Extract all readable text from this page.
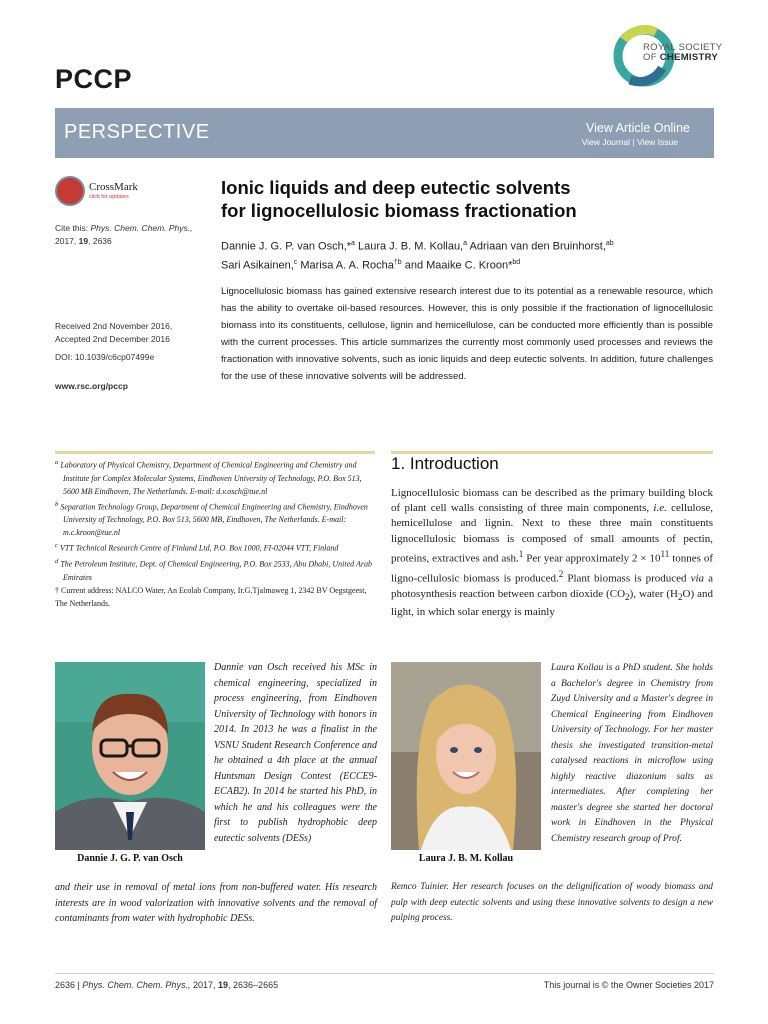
PCCP
ROYAL SOCIETY
OF CHEMISTRY
PERSPECTIVE	View Article Online
View Journal | View Issue
CrossMark
click for updates
Cite this: Phys. Chem. Chem. Phys.,
2017, 19, 2636
Received 2nd November 2016,
Accepted 2nd December 2016
DOI: 10.1039/c6cp07499e
www.rsc.org/pccp
Ionic liquids and deep eutectic solvents
for lignocellulosic biomass fractionation
Dannie J. G. P. van Osch,*$^a$ Laura J. B. M. Kollau,$^a$ Adriaan van den Bruinhorst,$^{ab}$
Sari Asikainen,$^c$ Marisa A. A. Rocha$^{\dagger b}$ and Maaike C. Kroon*$^{bd}$
Lignocellulosic biomass has gained extensive research interest due to its potential as a renewable resource, which has the ability to overtake oil-based resources. However, this is only possible if the fractionation of lignocellulosic biomass into its constituents, cellulose, lignin and hemicellulose, can be conducted more efficiently than is possible with the current processes. This article summarizes the currently most commonly used processes and reviews the fractionation with innovative solvents, such as ionic liquids and deep eutectic solvents. In addition, future challenges for the use of these innovative solvents will be addressed.
$^a$ Laboratory of Physical Chemistry, Department of Chemical Engineering and Chemistry and Institute for Complex Molecular Systems, Eindhoven University of Technology, P.O. Box 513, 5600 MB Eindhoven, The Netherlands. E-mail: d.v.osch@tue.nl
$^b$ Separation Technology Group, Department of Chemical Engineering and Chemistry, Eindhoven University of Technology, P.O. Box 513, 5600 MB, Eindhoven, The Netherlands. E-mail: m.c.kroon@tue.nl
$^c$ VTT Technical Research Centre of Finland Ltd, P.O. Box 1000, FI-02044 VTT, Finland
$^d$ The Petroleum Institute, Dept. of Chemical Engineering, P.O. Box 2533, Abu Dhabi, United Arab Emirates
† Current address: NALCO Water, An Ecolab Company, Ir.G.Tjalmaweg 1, 2342 BV Oegstgeest, The Netherlands.
1. Introduction
Lignocellulosic biomass can be described as the primary building block of plant cell walls consisting of three main components, i.e. cellulose, hemicellulose and lignin. Next to these three main constituents lignocellulosic biomass is composed of small amounts of pectin, proteins, extractives and ash.$^1$ Per year approximately $2 \times 10^{11}$ tonnes of ligno-cellulosic biomass is produced.$^2$ Plant biomass is produced via a photosynthesis reaction between carbon dioxide $(CO_2)$, water $(H_2O)$ and light, in which solar energy is mainly
Dannie J. G. P. van Osch
Dannie van Osch received his MSc in chemical engineering, specialized in process engineering, from Eindhoven University of Technology with honors in 2014. In 2013 he was a finalist in the VSNU Student Research Conference and he obtained a 4th place at the annual Huntsman Design Contest (ECCE9-ECAB2). In 2014 he started his PhD, in which he and his colleagues were the first to publish hydrophobic deep eutectic solvents (DESs)
and their use in removal of metal ions from non-buffered water. His research interests are in wood valorization with innovative solvents and the removal of contaminants from water with hydrophobic DESs.
Laura J. B. M. Kollau
Laura Kollau is a PhD student. She holds a Bachelor's degree in Chemistry from Zuyd University and a Master's degree in Chemical Engineering from Eindhoven University of Technology. For her master thesis she investigated transition-metal catalysed reactions in microflow using highly reactive diazonium salts as intermediates. After completing her master's degree she started her doctoral work in Eindhoven in the Physical Chemistry research group of Prof.
Remco Tuinier. Her research focuses on the delignification of woody biomass and pulp with deep eutectic solvents and using these innovative solvents to design a new pulping process.
2636 | Phys. Chem. Chem. Phys., 2017, 19, 2636–2665	This journal is © the Owner Societies 2017
